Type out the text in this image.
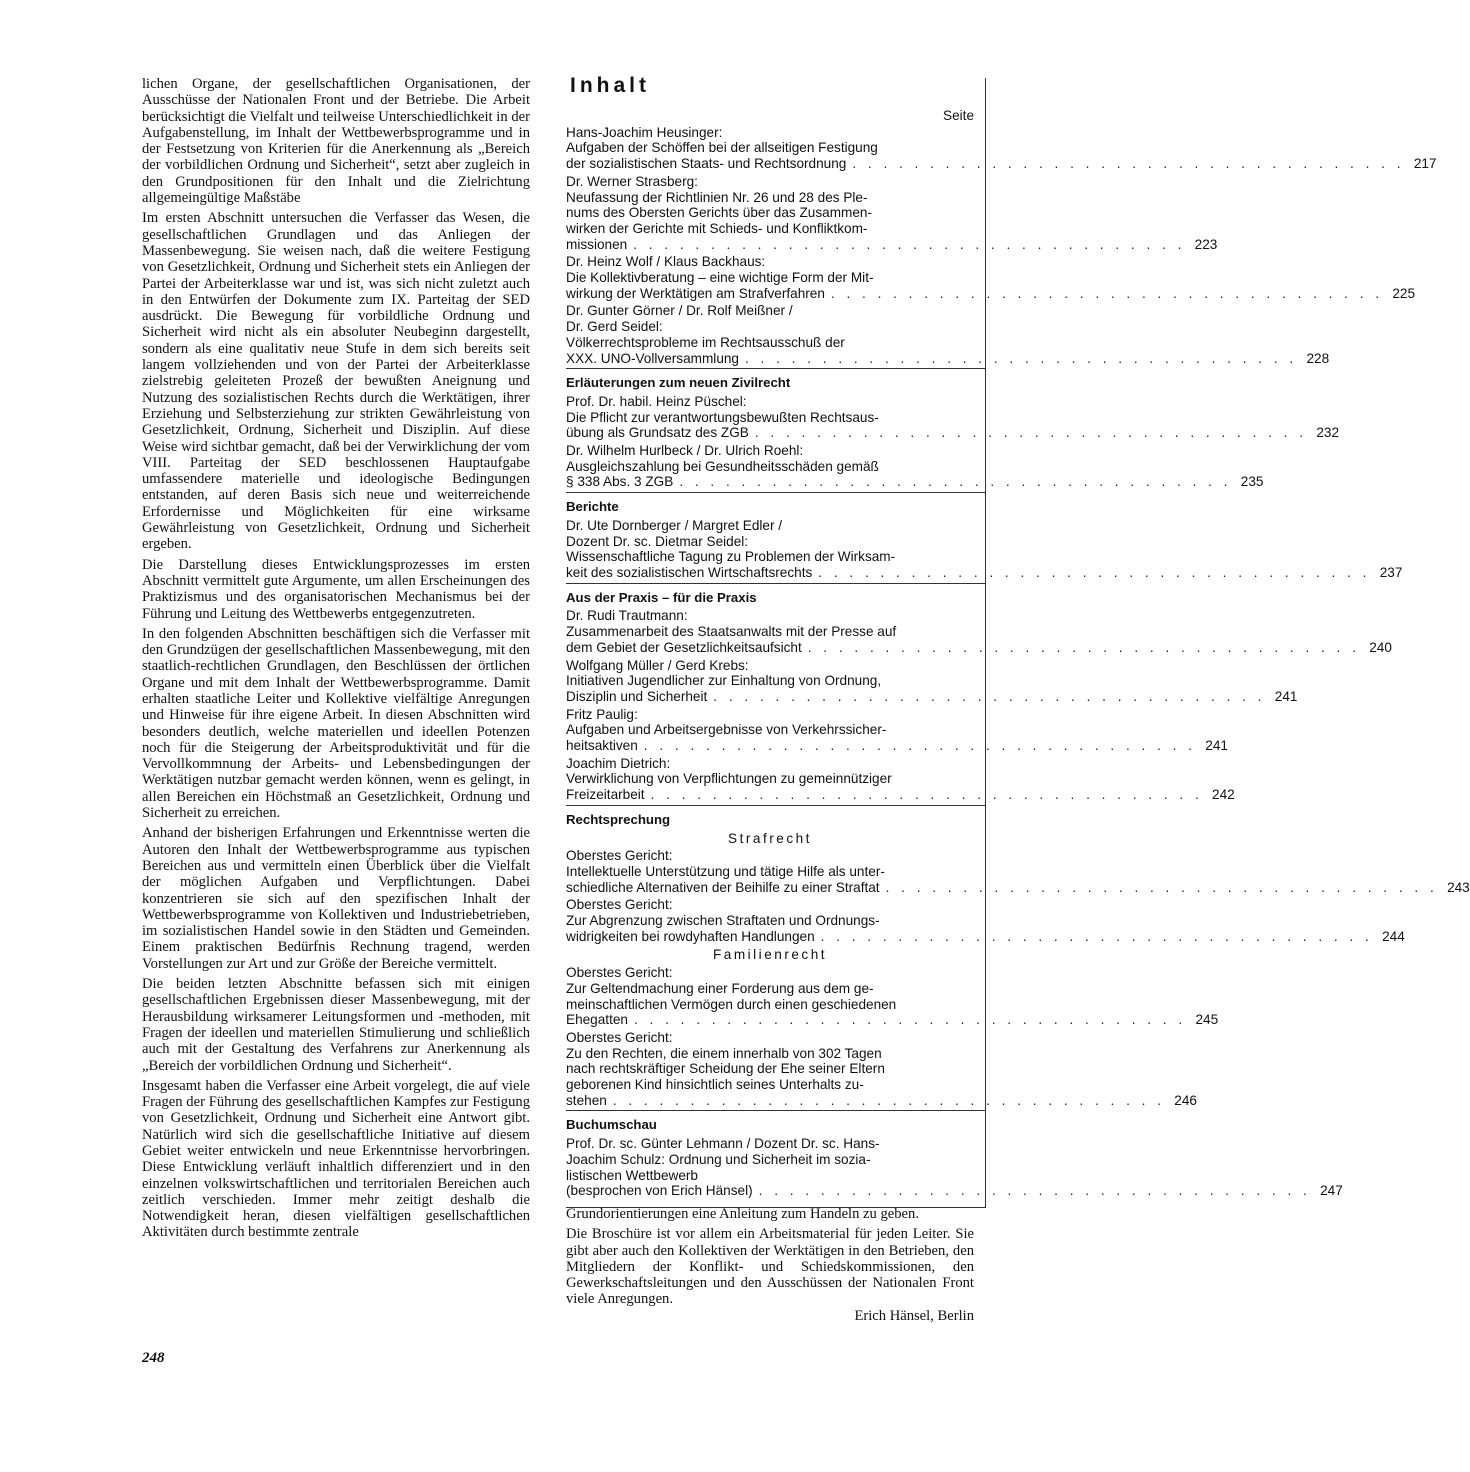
lichen Organe, der gesellschaftlichen Organisationen, der Ausschüsse der Nationalen Front und der Betriebe. Die Arbeit berücksichtigt die Vielfalt und teilweise Unterschiedlichkeit in der Aufgabenstellung, im Inhalt der Wettbewerbsprogramme und in der Festsetzung von Kriterien für die Anerkennung als „Bereich der vorbildlichen Ordnung und Sicherheit“, setzt aber zugleich in den Grundpositionen für den Inhalt und die Zielrichtung allgemeingültige Maßstäbe

Im ersten Abschnitt untersuchen die Verfasser das Wesen, die gesellschaftlichen Grundlagen und das Anliegen der Massenbewegung. Sie weisen nach, daß die weitere Festigung von Gesetzlichkeit, Ordnung und Sicherheit stets ein Anliegen der Partei der Arbeiterklasse war und ist, was sich nicht zuletzt auch in den Entwürfen der Dokumente zum IX. Parteitag der SED ausdrückt. Die Bewegung für vorbildliche Ordnung und Sicherheit wird nicht als ein absoluter Neubeginn dargestellt, sondern als eine qualitativ neue Stufe in dem sich bereits seit langem vollziehenden und von der Partei der Arbeiterklasse zielstrebig geleiteten Prozeß der bewußten Aneignung und Nutzung des sozialistischen Rechts durch die Werktätigen, ihrer Erziehung und Selbsterziehung zur strikten Gewährleistung von Gesetzlichkeit, Ordnung, Sicherheit und Disziplin. Auf diese Weise wird sichtbar gemacht, daß bei der Verwirklichung der vom VIII. Parteitag der SED beschlossenen Hauptaufgabe umfassendere materielle und ideologische Bedingungen entstanden, auf deren Basis sich neue und weiterreichende Erfordernisse und Möglichkeiten für eine wirksame Gewährleistung von Gesetzlichkeit, Ordnung und Sicherheit ergeben.

Die Darstellung dieses Entwicklungsprozesses im ersten Abschnitt vermittelt gute Argumente, um allen Erscheinungen des Praktizismus und des organisatorischen Mechanismus bei der Führung und Leitung des Wettbewerbs entgegenzutreten.

In den folgenden Abschnitten beschäftigen sich die Verfasser mit den Grundzügen der gesellschaftlichen Massenbewegung, mit den staatlich-rechtlichen Grundlagen, den Beschlüssen der örtlichen Organe und mit dem Inhalt der Wettbewerbsprogramme. Damit erhalten staatliche Leiter und Kollektive vielfältige Anregungen und Hinweise für ihre eigene Arbeit. In diesen Abschnitten wird besonders deutlich, welche materiellen und ideellen Potenzen noch für die Steigerung der Arbeitsproduktivität und für die Vervollkommnung der Arbeits- und Lebensbedingungen der Werktätigen nutzbar gemacht werden können, wenn es gelingt, in allen Bereichen ein Höchstmaß an Gesetzlichkeit, Ordnung und Sicherheit zu erreichen.

Anhand der bisherigen Erfahrungen und Erkenntnisse werten die Autoren den Inhalt der Wettbewerbsprogramme aus typischen Bereichen aus und vermitteln einen Überblick über die Vielfalt der möglichen Aufgaben und Verpflichtungen. Dabei konzentrieren sie sich auf den spezifischen Inhalt der Wettbewerbsprogramme von Kollektiven und Industriebetrieben, im sozialistischen Handel sowie in den Städten und Gemeinden. Einem praktischen Bedürfnis Rechnung tragend, werden Vorstellungen zur Art und zur Größe der Bereiche vermittelt.

Die beiden letzten Abschnitte befassen sich mit einigen gesellschaftlichen Ergebnissen dieser Massenbewegung, mit der Herausbildung wirksamerer Leitungsformen und -methoden, mit Fragen der ideellen und materiellen Stimulierung und schließlich auch mit der Gestaltung des Verfahrens zur Anerkennung als „Bereich der vorbildlichen Ordnung und Sicherheit“.

Insgesamt haben die Verfasser eine Arbeit vorgelegt, die auf viele Fragen der Führung des gesellschaftlichen Kampfes zur Festigung von Gesetzlichkeit, Ordnung und Sicherheit eine Antwort gibt. Natürlich wird sich die gesellschaftliche Initiative auf diesem Gebiet weiter entwickeln und neue Erkenntnisse hervorbringen. Diese Entwicklung verläuft inhaltlich differenziert und in den einzelnen volkswirtschaftlichen und territorialen Bereichen auch zeitlich verschieden. Immer mehr zeitigt deshalb die Notwendigkeit heran, diesen vielfältigen gesellschaftlichen Aktivitäten durch bestimmte zentrale

248
Inhalt
Seite
Hans-Joachim Heusinger:
Aufgaben der Schöffen bei der allseitigen Festigung
der sozialistischen Staats- und Rechtsordnung . . . . . . . . . . . . . . . . . . . . . . . . . . . . . . . . . . . . 217
Dr. Werner Strasberg:
Neufassung der Richtlinien Nr. 26 und 28 des Ple-
nums des Obersten Gerichts über das Zusammen-
wirken der Gerichte mit Schieds- und Konfliktkom-
missionen . . . . . . . . . . . . . . . . . . . . . . . . . . . . . . . . . . . . 223
Dr. Heinz Wolf / Klaus Backhaus:
Die Kollektivberatung – eine wichtige Form der Mit-
wirkung der Werktätigen am Strafverfahren . . . . . . . . . . . . . . . . . . . . . . . . . . . . . . . . . . . . 225
Dr. Gunter Görner / Dr. Rolf Meißner /
Dr. Gerd Seidel:
Völkerrechtsprobleme im Rechtsausschuß der
XXX. UNO-Vollversammlung . . . . . . . . . . . . . . . . . . . . . . . . . . . . . . . . . . . . 228
Erläuterungen zum neuen Zivilrecht
Prof. Dr. habil. Heinz Püschel:
Die Pflicht zur verantwortungsbewußten Rechtsaus-
übung als Grundsatz des ZGB . . . . . . . . . . . . . . . . . . . . . . . . . . . . . . . . . . . . 232
Dr. Wilhelm Hurlbeck / Dr. Ulrich Roehl:
Ausgleichszahlung bei Gesundheitsschäden gemäß
§ 338 Abs. 3 ZGB . . . . . . . . . . . . . . . . . . . . . . . . . . . . . . . . . . . . 235
Berichte
Dr. Ute Dornberger / Margret Edler /
Dozent Dr. sc. Dietmar Seidel:
Wissenschaftliche Tagung zu Problemen der Wirksam-
keit des sozialistischen Wirtschaftsrechts . . . . . . . . . . . . . . . . . . . . . . . . . . . . . . . . . . . . 237
Aus der Praxis – für die Praxis
Dr. Rudi Trautmann:
Zusammenarbeit des Staatsanwalts mit der Presse auf
dem Gebiet der Gesetzlichkeitsaufsicht . . . . . . . . . . . . . . . . . . . . . . . . . . . . . . . . . . . . 240
Wolfgang Müller / Gerd Krebs:
Initiativen Jugendlicher zur Einhaltung von Ordnung,
Disziplin und Sicherheit . . . . . . . . . . . . . . . . . . . . . . . . . . . . . . . . . . . . 241
Fritz Paulig:
Aufgaben und Arbeitsergebnisse von Verkehrssicher-
heitsaktiven . . . . . . . . . . . . . . . . . . . . . . . . . . . . . . . . . . . . 241
Joachim Dietrich:
Verwirklichung von Verpflichtungen zu gemeinnütziger
Freizeitarbeit . . . . . . . . . . . . . . . . . . . . . . . . . . . . . . . . . . . . 242
Rechtsprechung
Strafrecht
Oberstes Gericht:
Intellektuelle Unterstützung und tätige Hilfe als unter-
schiedliche Alternativen der Beihilfe zu einer Straftat . . . . . . . . . . . . . . . . . . . . . . . . . . . . . . . . . . . . 243
Oberstes Gericht:
Zur Abgrenzung zwischen Straftaten und Ordnungs-
widrigkeiten bei rowdyhaften Handlungen . . . . . . . . . . . . . . . . . . . . . . . . . . . . . . . . . . . . 244
Familienrecht
Oberstes Gericht:
Zur Geltendmachung einer Forderung aus dem ge-
meinschaftlichen Vermögen durch einen geschiedenen
Ehegatten . . . . . . . . . . . . . . . . . . . . . . . . . . . . . . . . . . . . 245
Oberstes Gericht:
Zu den Rechten, die einem innerhalb von 302 Tagen
nach rechtskräftiger Scheidung der Ehe seiner Eltern
geborenen Kind hinsichtlich seines Unterhalts zu-
stehen . . . . . . . . . . . . . . . . . . . . . . . . . . . . . . . . . . . . 246
Buchumschau
Prof. Dr. sc. Günter Lehmann / Dozent Dr. sc. Hans-
Joachim Schulz: Ordnung und Sicherheit im sozia-
listischen Wettbewerb
(besprochen von Erich Hänsel) . . . . . . . . . . . . . . . . . . . . . . . . . . . . . . . . . . . . 247

Grundorientierungen eine Anleitung zum Handeln zu geben.

Die Broschüre ist vor allem ein Arbeitsmaterial für jeden Leiter. Sie gibt aber auch den Kollektiven der Werktätigen in den Betrieben, den Mitgliedern der Konflikt- und Schiedskommissionen, den Gewerkschaftsleitungen und den Ausschüssen der Nationalen Front viele Anregungen.
Erich Hänsel, Berlin
